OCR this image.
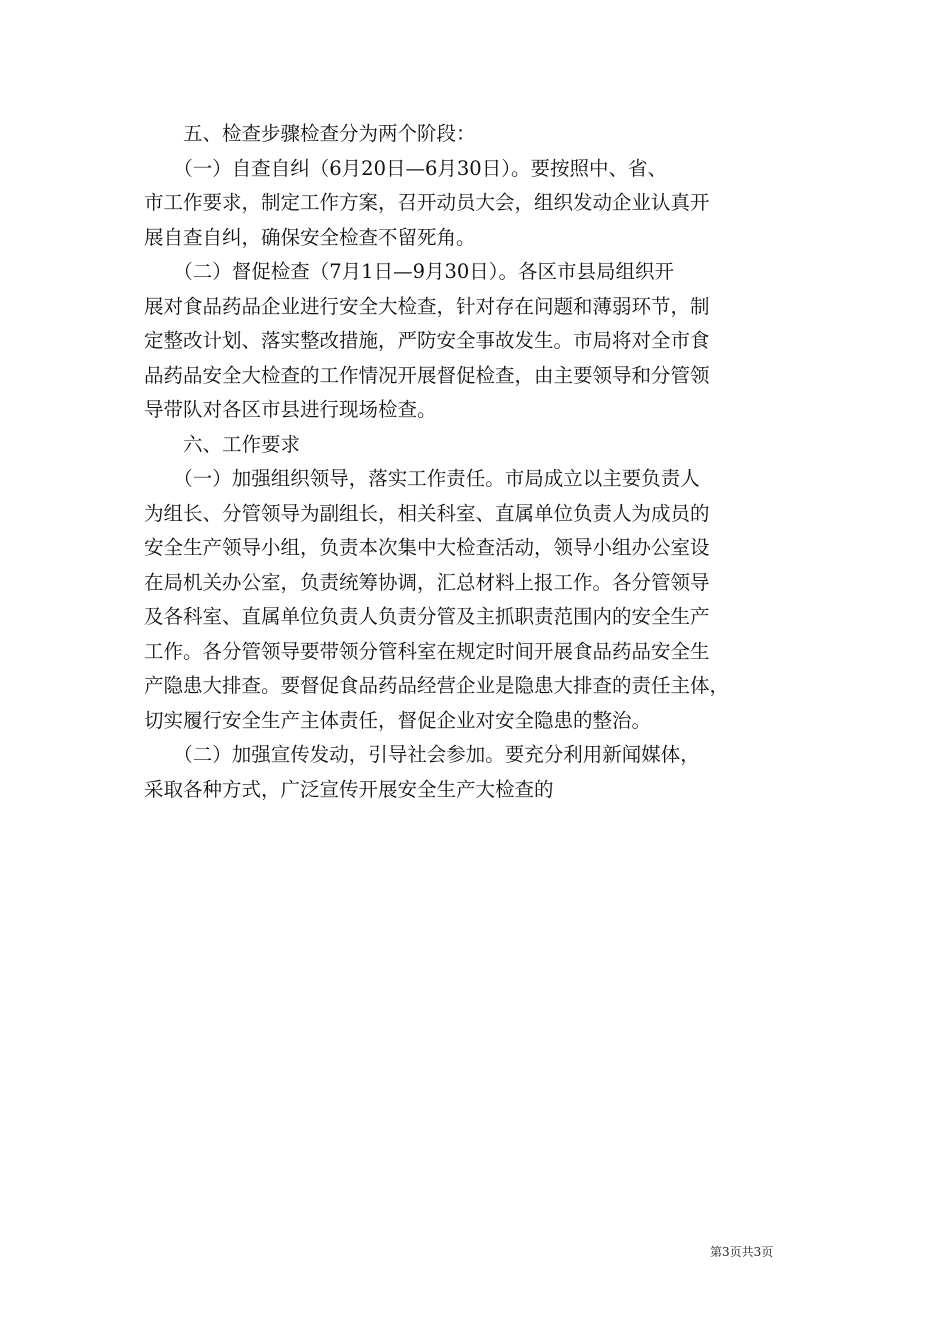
　　五、检查步骤检查分为两个阶段：
　　（一）自查自纠（6月20日—6月30日）。要按照中、省、
市工作要求，制定工作方案，召开动员大会，组织发动企业认真开
展自查自纠，确保安全检查不留死角。
　　（二）督促检查（7月1日—9月30日）。各区市县局组织开
展对食品药品企业进行安全大检查，针对存在问题和薄弱环节，制
定整改计划、落实整改措施，严防安全事故发生。市局将对全市食
品药品安全大检查的工作情况开展督促检查，由主要领导和分管领
导带队对各区市县进行现场检查。
　　六、工作要求
　　（一）加强组织领导，落实工作责任。市局成立以主要负责人
为组长、分管领导为副组长，相关科室、直属单位负责人为成员的
安全生产领导小组，负责本次集中大检查活动，领导小组办公室设
在局机关办公室，负责统筹协调，汇总材料上报工作。各分管领导
及各科室、直属单位负责人负责分管及主抓职责范围内的安全生产
工作。各分管领导要带领分管科室在规定时间开展食品药品安全生
产隐患大排查。要督促食品药品经营企业是隐患大排查的责任主体，
切实履行安全生产主体责任，督促企业对安全隐患的整治。
　　（二）加强宣传发动，引导社会参加。要充分利用新闻媒体，
采取各种方式，广泛宣传开展安全生产大检查的
第3页共3页
